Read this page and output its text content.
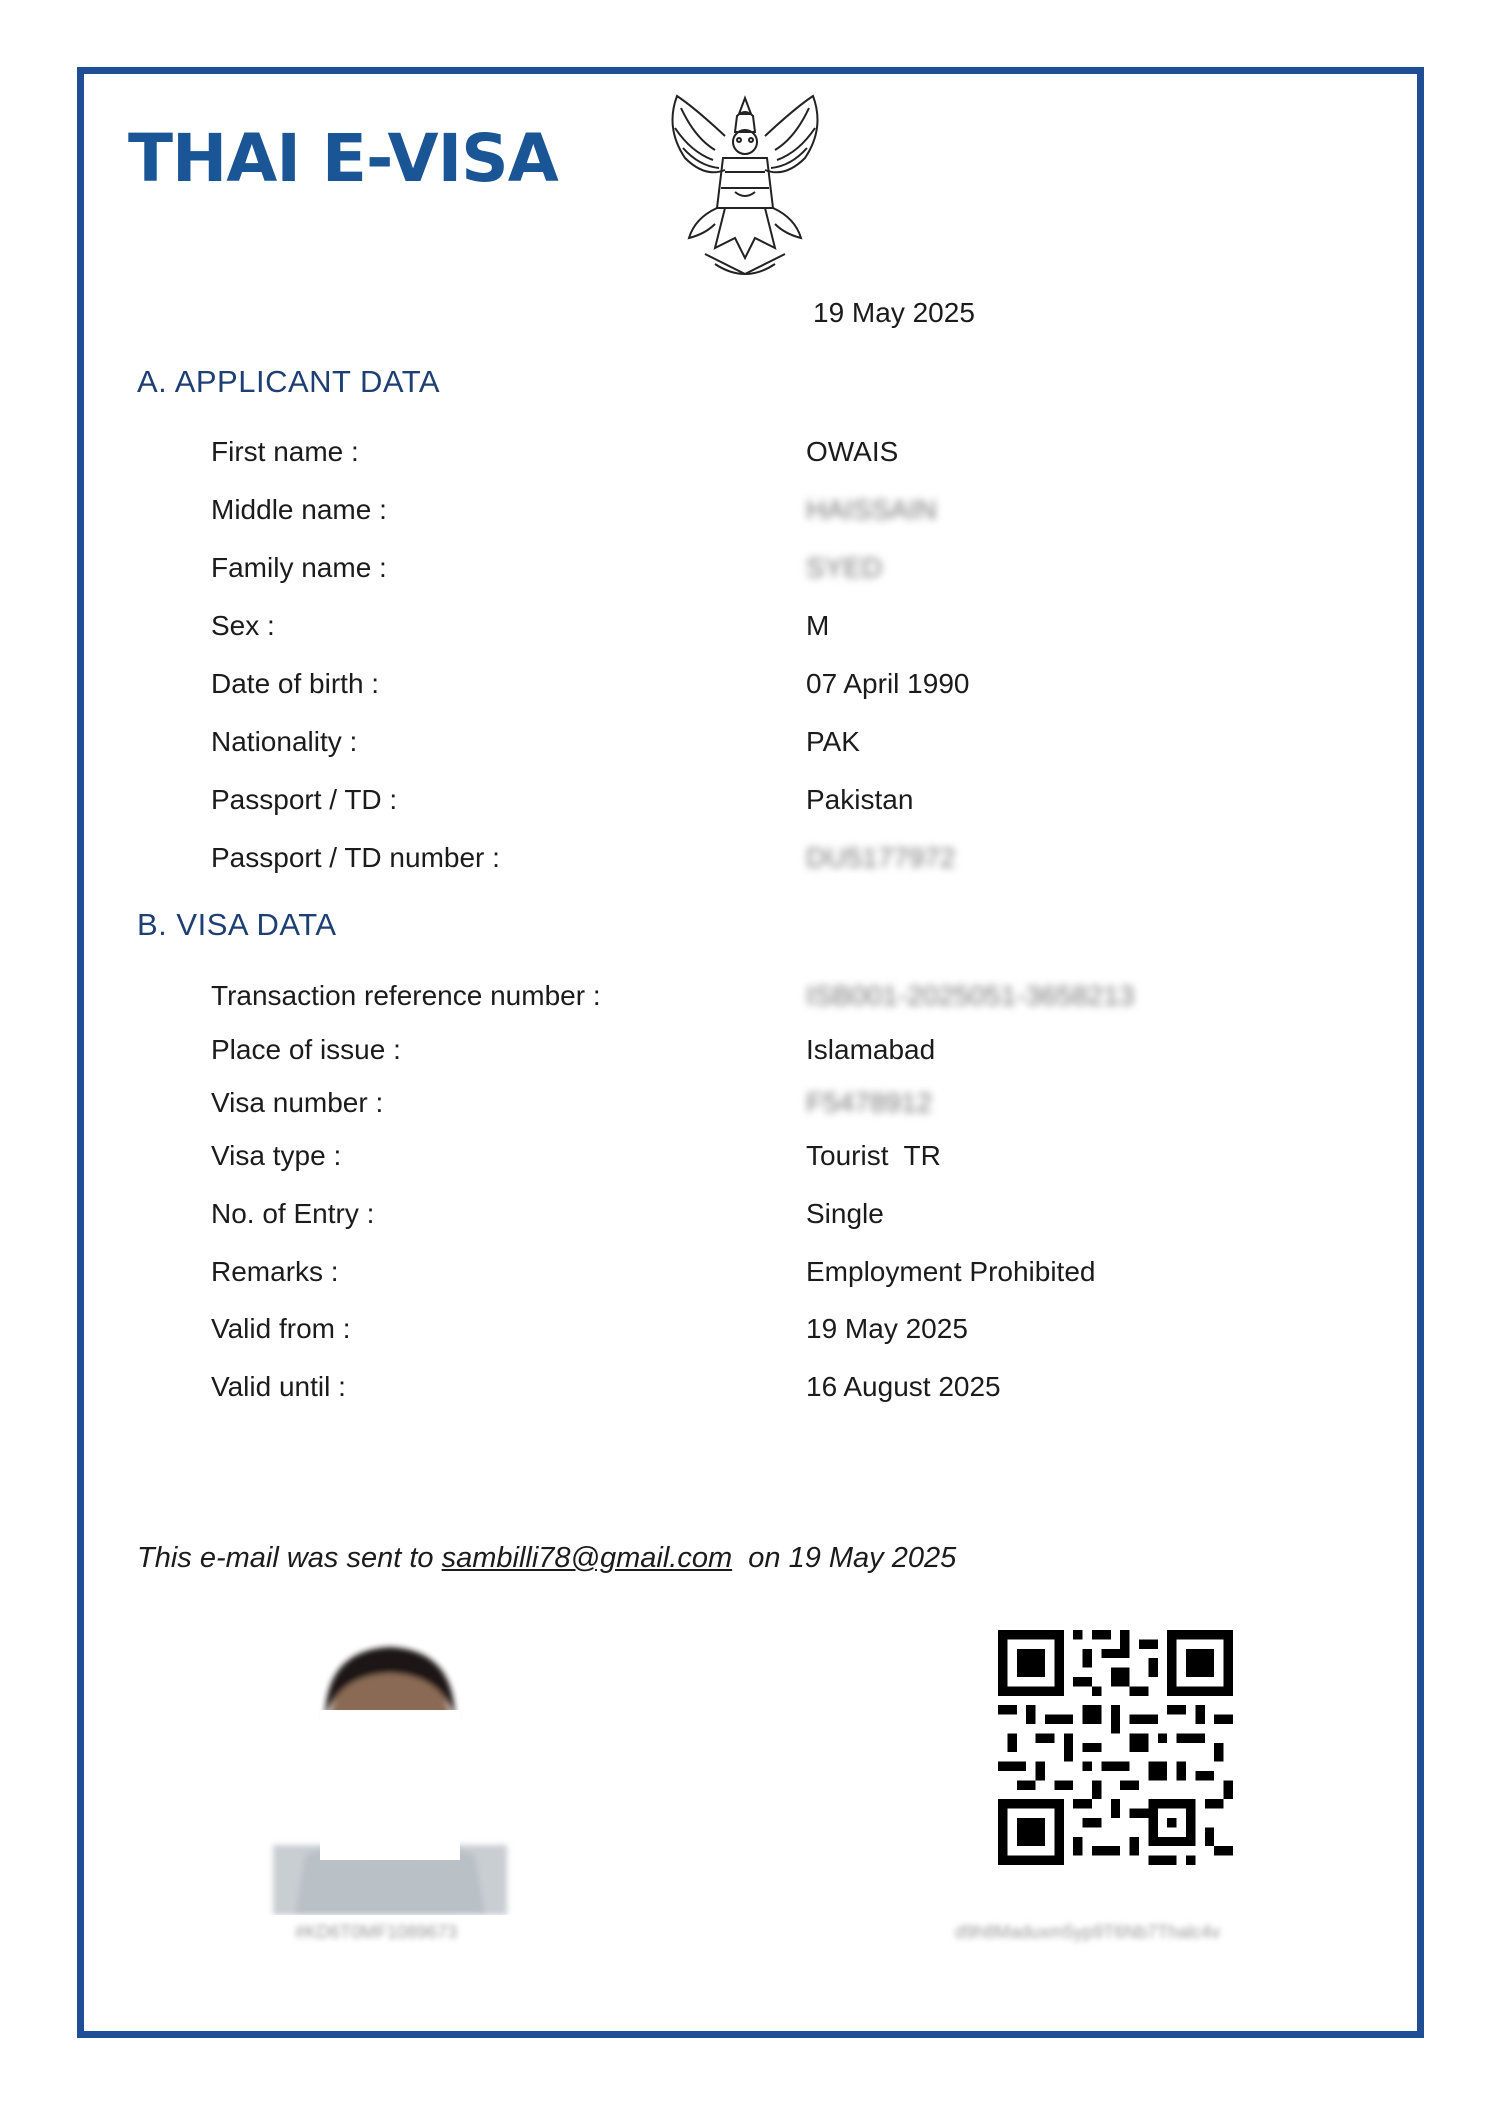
THAI E-VISA
19 May 2025
A. APPLICANT DATA
First name :	OWAIS
Middle name :	HAISSAIN
Family name :	SYED
Sex :	M
Date of birth :	07 April 1990
Nationality :	PAK
Passport / TD :	Pakistan
Passport / TD number :	DU5177972
B. VISA DATA
Transaction reference number :	ISB001-2025051-3658213
Place of issue :	Islamabad
Visa number :	F5478912
Visa type :	Tourist  TR
No. of Entry :	Single
Remarks :	Employment Prohibited
Valid from :	19 May 2025
Valid until :	16 August 2025
This e-mail was sent to sambilli78@gmail.com  on 19 May 2025
#KD6T0MF1089673	d9h8Maduxm5yp9T6Nb7Thalc4v
